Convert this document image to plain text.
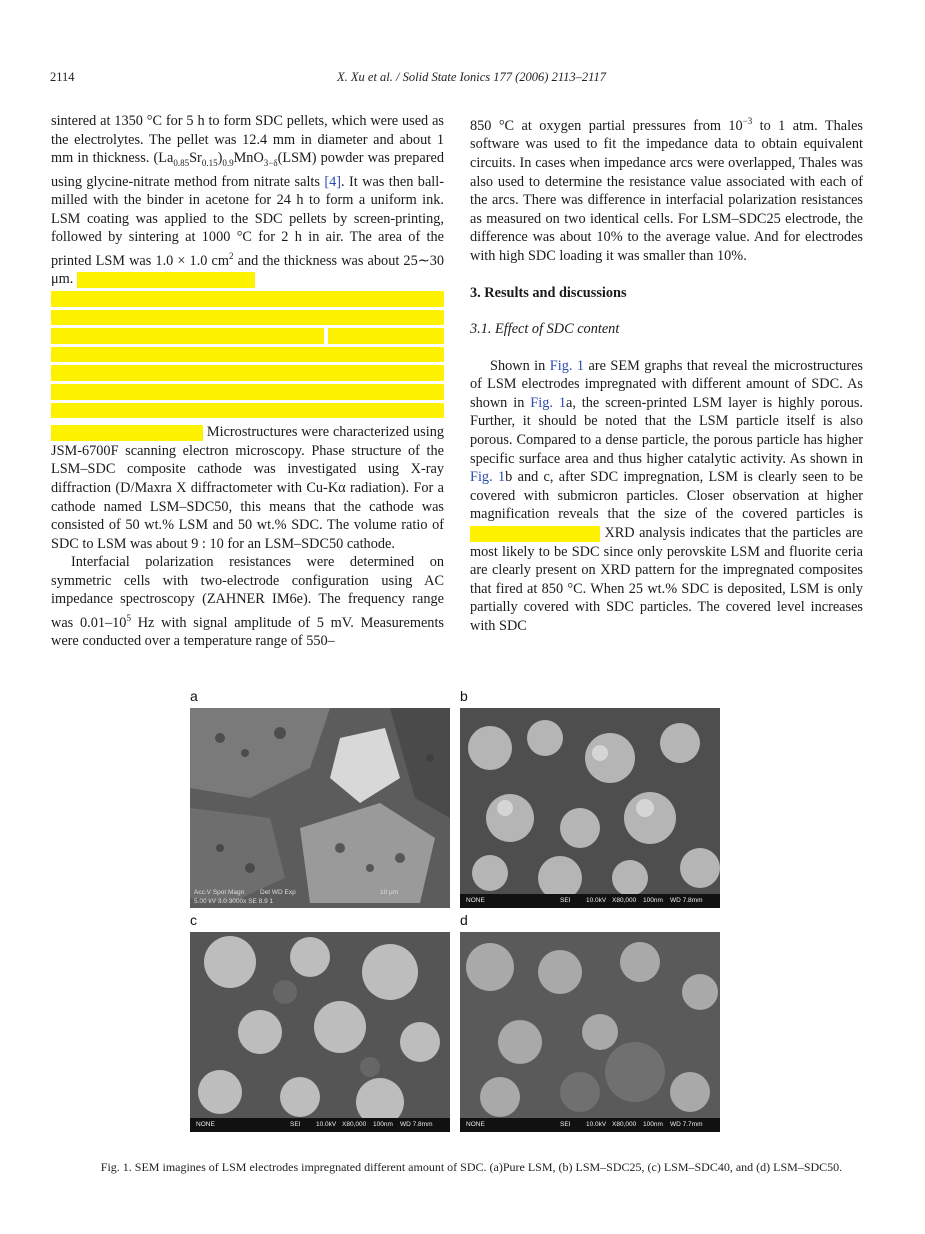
2114	X. Xu et al. / Solid State Ionics 177 (2006) 2113–2117

sintered at 1350 °C for 5 h to form SDC pellets, which were used as the electrolytes. The pellet was 12.4 mm in diameter and about 1 mm in thickness. $(La_{0.85}Sr_{0.15})_{0.9}MnO_{3-\delta}(LSM)$ powder was prepared using glycine-nitrate method from nitrate salts [4]. It was then ball-milled with the binder in acetone for 24 h to form a uniform ink. LSM coating was applied to the SDC pellets by screen-printing, followed by sintering at 1000 °C for 2 h in air. The area of the printed LSM was 1.0 × 1.0 $cm^2$ and the thickness was about 25∼30 μm.

Microstructures were characterized using JSM-6700F scanning electron microscopy. Phase structure of the LSM–SDC composite cathode was investigated using X-ray diffraction (D/Maxra X diffractometer with Cu-Kα radiation). For a cathode named LSM–SDC50, this means that the cathode was consisted of 50 wt.% LSM and 50 wt.% SDC. The volume ratio of SDC to LSM was about 9 : 10 for an LSM–SDC50 cathode.

Interfacial polarization resistances were determined on symmetric cells with two-electrode configuration using AC impedance spectroscopy (ZAHNER IM6e). The frequency range was $0.01-10^5$ Hz with signal amplitude of 5 mV. Measurements were conducted over a temperature range of 550–

850 °C at oxygen partial pressures from $10^{-3}$ to 1 atm. Thales software was used to fit the impedance data to obtain equivalent circuits. In cases when impedance arcs were overlapped, Thales was also used to determine the resistance value associated with each of the arcs. There was difference in interfacial polarization resistances as measured on two identical cells. For LSM–SDC25 electrode, the difference was about 10% to the average value. And for electrodes with high SDC loading it was smaller than 10%.

3. Results and discussions

3.1. Effect of SDC content

Shown in Fig. 1 are SEM graphs that reveal the microstructures of LSM electrodes impregnated with different amount of SDC. As shown in Fig. 1a, the screen-printed LSM layer is highly porous. Further, it should be noted that the LSM particle itself is also porous. Compared to a dense particle, the porous particle has higher specific surface area and thus higher catalytic activity. As shown in Fig. 1b and c, after SDC impregnation, LSM is clearly seen to be covered with submicron particles. Closer observation at higher magnification reveals that the size of the covered particles is  XRD analysis indicates that the particles are most likely to be SDC since only perovskite LSM and fluorite ceria are clearly present on XRD pattern for the impregnated composites that fired at 850 °C. When 25 wt.% SDC is deposited, LSM is only partially covered with SDC particles. The covered level increases with SDC

a	b
Acc.V Spot Magn Det WD Exp	10 µm
5.00 kV 3.0 3000x SE 8.9 1	NONE	SEI 10.0kV X80,000 100nm WD 7.8mm
c	d
NONE	SEI 10.0kV X80,000 100nm WD 7.8mm	NONE	SEI 10.0kV X80,000 100nm WD 7.7mm
Fig. 1. SEM imagines of LSM electrodes impregnated different amount of SDC. (a)Pure LSM, (b) LSM–SDC25, (c) LSM–SDC40, and (d) LSM–SDC50.
